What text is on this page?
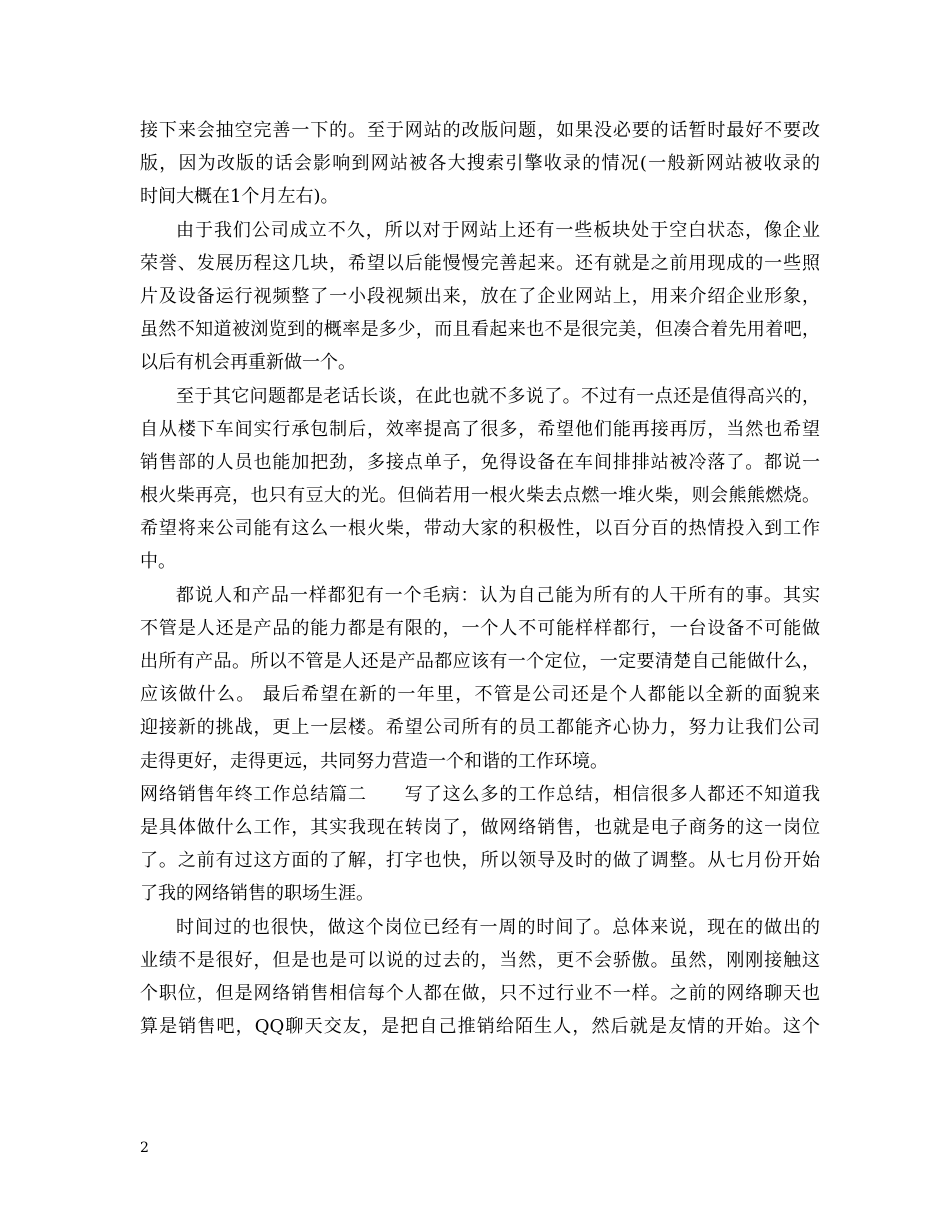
接下来会抽空完善一下的。至于网站的改版问题，如果没必要的话暂时最好不要改
版，因为改版的话会影响到网站被各大搜索引擎收录的情况(一般新网站被收录的
时间大概在1个月左右)。
由于我们公司成立不久，所以对于网站上还有一些板块处于空白状态，像企业
荣誉、发展历程这几块，希望以后能慢慢完善起来。还有就是之前用现成的一些照
片及设备运行视频整了一小段视频出来，放在了企业网站上，用来介绍企业形象，
虽然不知道被浏览到的概率是多少，而且看起来也不是很完美，但凑合着先用着吧，
以后有机会再重新做一个。
至于其它问题都是老话长谈，在此也就不多说了。不过有一点还是值得高兴的，
自从楼下车间实行承包制后，效率提高了很多，希望他们能再接再厉，当然也希望
销售部的人员也能加把劲，多接点单子，免得设备在车间排排站被冷落了。都说一
根火柴再亮，也只有豆大的光。但倘若用一根火柴去点燃一堆火柴，则会熊熊燃烧。
希望将来公司能有这么一根火柴，带动大家的积极性，以百分百的热情投入到工作
中。
都说人和产品一样都犯有一个毛病：认为自己能为所有的人干所有的事。其实
不管是人还是产品的能力都是有限的，一个人不可能样样都行，一台设备不可能做
出所有产品。所以不管是人还是产品都应该有一个定位，一定要清楚自己能做什么，
应该做什么。 最后希望在新的一年里，不管是公司还是个人都能以全新的面貌来
迎接新的挑战，更上一层楼。希望公司所有的员工都能齐心协力，努力让我们公司
走得更好，走得更远，共同努力营造一个和谐的工作环境。
网络销售年终工作总结篇二　　写了这么多的工作总结，相信很多人都还不知道我
是具体做什么工作，其实我现在转岗了，做网络销售，也就是电子商务的这一岗位
了。之前有过这方面的了解，打字也快，所以领导及时的做了调整。从七月份开始
了我的网络销售的职场生涯。
时间过的也很快，做这个岗位已经有一周的时间了。总体来说，现在的做出的
业绩不是很好，但是也是可以说的过去的，当然，更不会骄傲。虽然，刚刚接触这
个职位，但是网络销售相信每个人都在做，只不过行业不一样。之前的网络聊天也
算是销售吧，QQ聊天交友，是把自己推销给陌生人，然后就是友情的开始。这个
2
